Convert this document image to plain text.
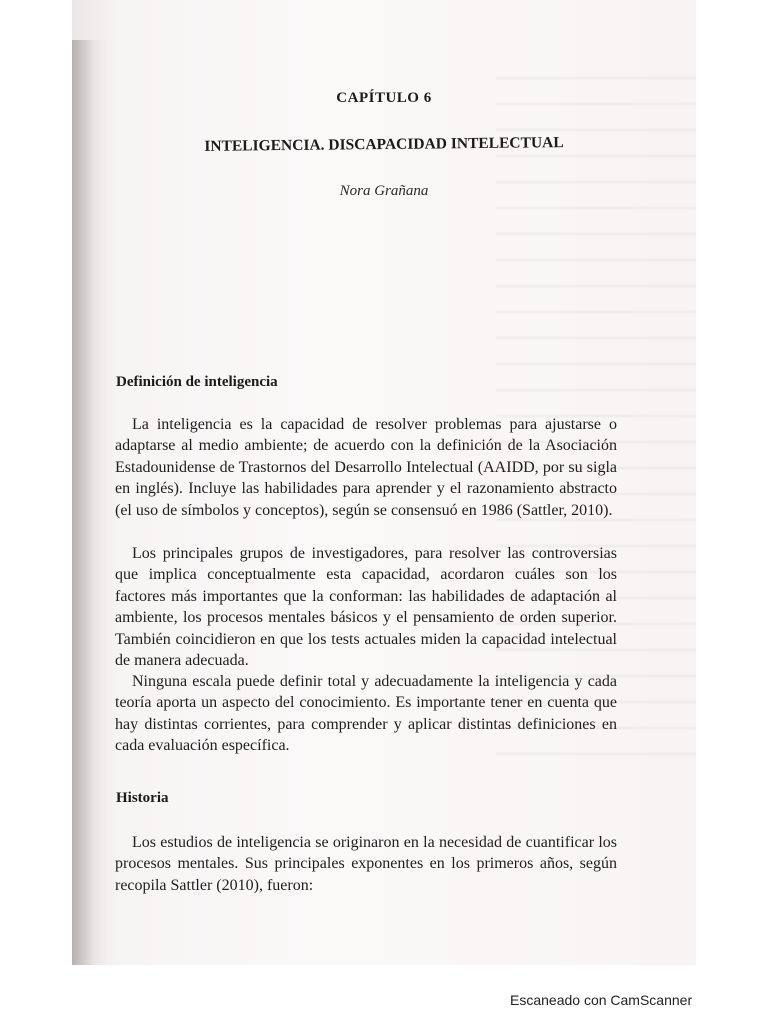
CAPÍTULO 6
INTELIGENCIA. DISCAPACIDAD INTELECTUAL
Nora Grañana
Definición de inteligencia

La inteligencia es la capacidad de resolver problemas para ajustarse o adaptarse al medio ambiente; de acuerdo con la definición de la Asociación Estadounidense de Trastornos del Desarrollo Intelectual (AAIDD, por su sigla en inglés). Incluye las habilidades para aprender y el razonamiento abstracto (el uso de símbolos y conceptos), según se consensuó en 1986 (Sattler, 2010).

Los principales grupos de investigadores, para resolver las controversias que implica conceptualmente esta capacidad, acordaron cuáles son los factores más importantes que la conforman: las habilidades de adaptación al ambiente, los procesos mentales básicos y el pensamiento de orden superior. También coincidieron en que los tests actuales miden la capacidad intelectual de manera adecuada.

Ninguna escala puede definir total y adecuadamente la inteligencia y cada teoría aporta un aspecto del conocimiento. Es importante tener en cuenta que hay distintas corrientes, para comprender y aplicar distintas definiciones en cada evaluación específica.

Historia

Los estudios de inteligencia se originaron en la necesidad de cuantificar los procesos mentales. Sus principales exponentes en los primeros años, según recopila Sattler (2010), fueron:

Escaneado con CamScanner
